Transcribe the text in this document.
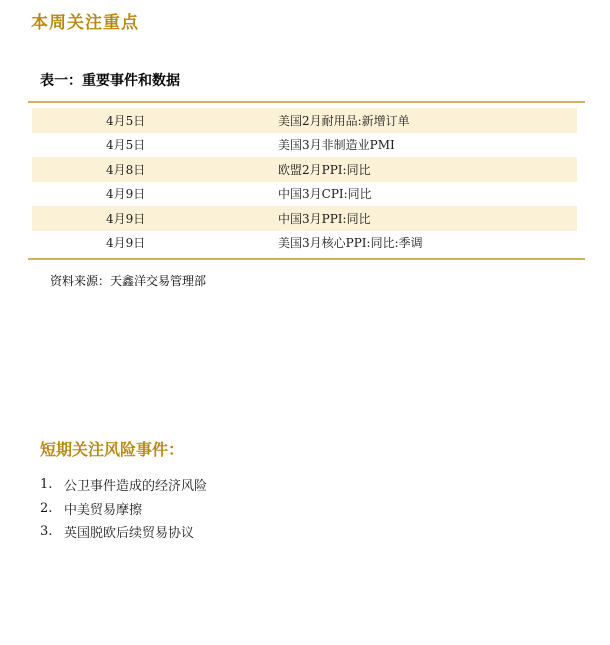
本周关注重点
表一：重要事件和数据
4月5日	美国2月耐用品:新增订单
4月5日	美国3月非制造业PMI
4月8日	欧盟2月PPI:同比
4月9日	中国3月CPI:同比
4月9日	中国3月PPI:同比
4月9日	美国3月核心PPI:同比:季调
资料来源：天鑫洋交易管理部
短期关注风险事件：
1. 公卫事件造成的经济风险
2. 中美贸易摩擦
3. 英国脱欧后续贸易协议
